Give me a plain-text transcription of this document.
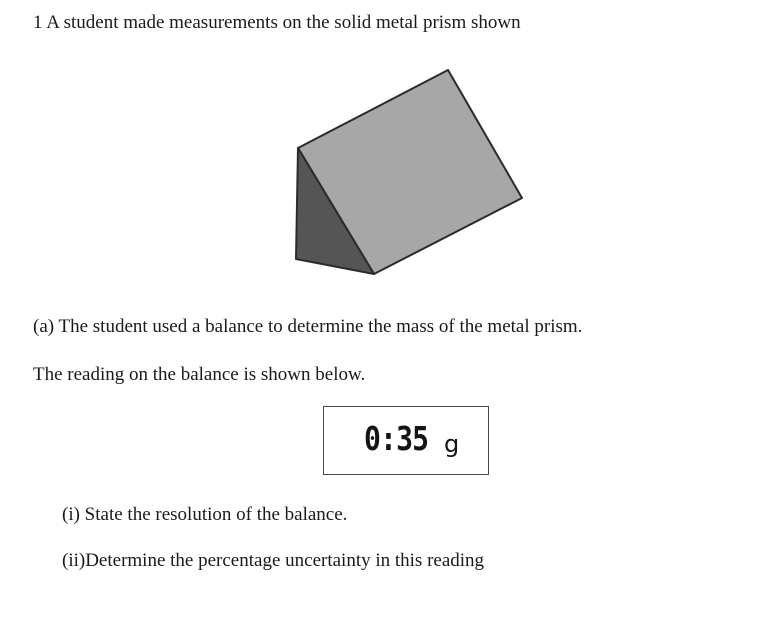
1 A student made measurements on the solid metal prism shown
(a) The student used a balance to determine the mass of the metal prism.
The reading on the balance is shown below.
0:35 g
(i) State the resolution of the balance.
(ii)Determine the percentage uncertainty in this reading
